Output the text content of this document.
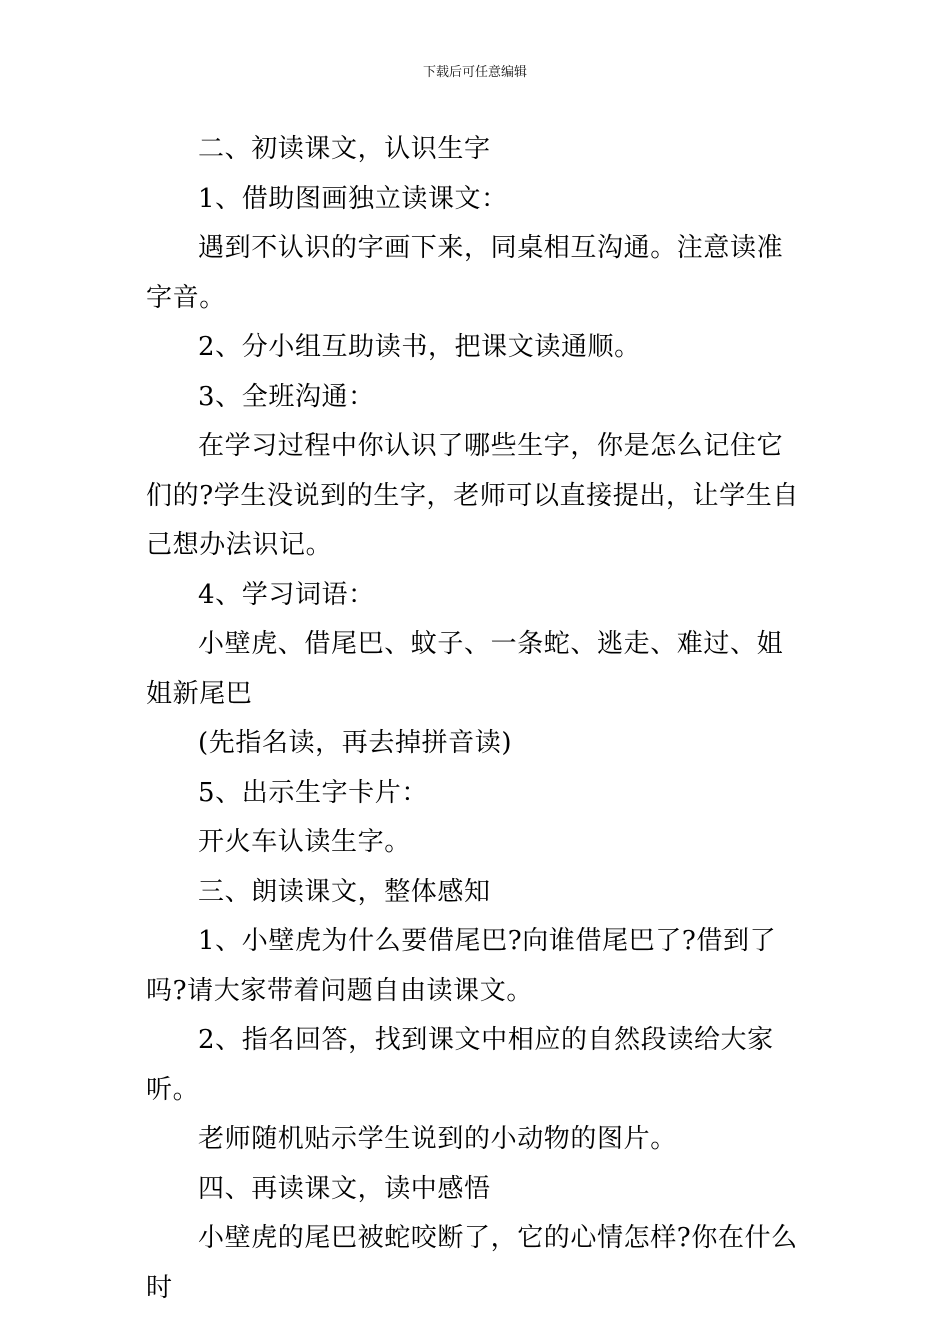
下载后可任意编辑

二、初读课文，认识生字

1、借助图画独立读课文：

遇到不认识的字画下来，同桌相互沟通。注意读准字音。

2、分小组互助读书，把课文读通顺。

3、全班沟通：

在学习过程中你认识了哪些生字，你是怎么记住它们的?学生没说到的生字，老师可以直接提出，让学生自己想办法识记。

4、学习词语：

小壁虎、借尾巴、蚊子、一条蛇、逃走、难过、姐姐新尾巴

(先指名读，再去掉拼音读)

5、出示生字卡片：

开火车认读生字。

三、朗读课文，整体感知

1、小壁虎为什么要借尾巴?向谁借尾巴了?借到了吗?请大家带着问题自由读课文。

2、指名回答，找到课文中相应的自然段读给大家听。

老师随机贴示学生说到的小动物的图片。

四、再读课文，读中感悟

小壁虎的尾巴被蛇咬断了，它的心情怎样?你在什么时
